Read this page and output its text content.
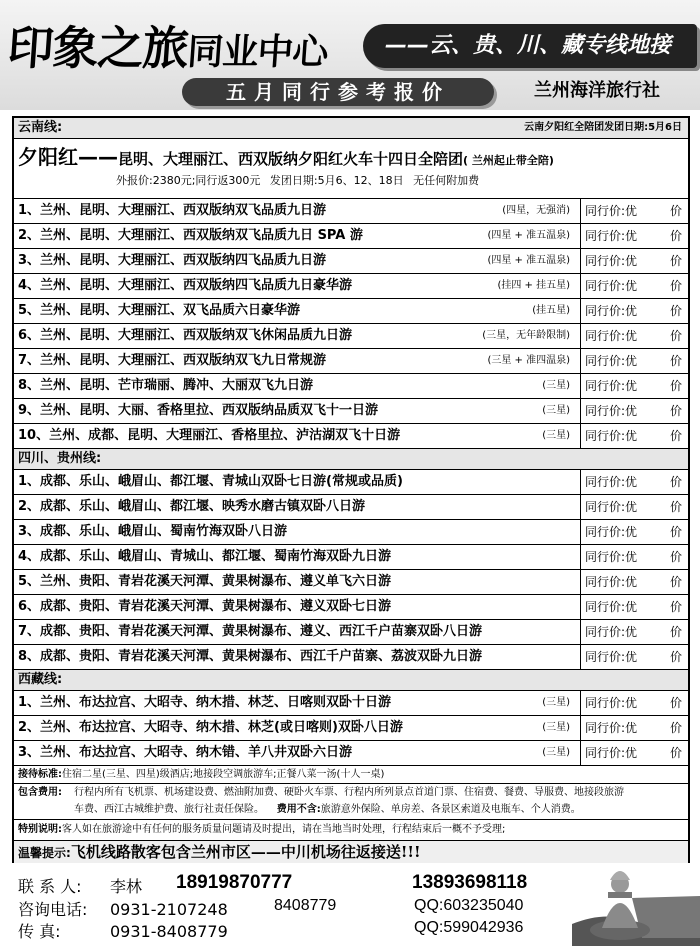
印象之旅同业中心	——云、贵、川、藏专线地接
五月同行参考报价	兰州海洋旅行社
云南线:	云南夕阳红全陪团发团日期:5月6日
夕阳红——昆明、大理丽江、西双版纳夕阳红火车十四日全陪团( 兰州起止带全陪)
外报价:2380元;同行返300元 发团日期:5月6、12、18日 无任何附加费
1、兰州、昆明、大理丽江、西双版纳双飞品质九日游	(四星，无强消)	同行价:优	价
2、兰州、昆明、大理丽江、西双版纳双飞品质九日 SPA 游	(四星 + 准五温泉)	同行价:优	价
3、兰州、昆明、大理丽江、西双版纳四飞品质九日游	(四星 + 准五温泉)	同行价:优	价
4、兰州、昆明、大理丽江、西双版纳四飞品质九日豪华游	(挂四 + 挂五星)	同行价:优	价
5、兰州、昆明、大理丽江、双飞品质六日豪华游	(挂五星)	同行价:优	价
6、兰州、昆明、大理丽江、西双版纳双飞休闲品质九日游	(三星，无年龄限制)	同行价:优	价
7、兰州、昆明、大理丽江、西双版纳双飞九日常规游	(三星 + 准四温泉)	同行价:优	价
8、兰州、昆明、芒市瑞丽、腾冲、大丽双飞九日游	(三星)	同行价:优	价
9、兰州、昆明、大丽、香格里拉、西双版纳品质双飞十一日游	(三星)	同行价:优	价
10、兰州、成都、昆明、大理丽江、香格里拉、泸沽湖双飞十日游	(三星)	同行价:优	价
四川、贵州线:
1、成都、乐山、峨眉山、都江堰、青城山双卧七日游(常规或品质)	同行价:优	价
2、成都、乐山、峨眉山、都江堰、映秀水磨古镇双卧八日游	同行价:优	价
3、成都、乐山、峨眉山、蜀南竹海双卧八日游	同行价:优	价
4、成都、乐山、峨眉山、青城山、都江堰、蜀南竹海双卧九日游	同行价:优	价
5、兰州、贵阳、青岩花溪天河潭、黄果树瀑布、遵义单飞六日游	同行价:优	价
6、成都、贵阳、青岩花溪天河潭、黄果树瀑布、遵义双卧七日游	同行价:优	价
7、成都、贵阳、青岩花溪天河潭、黄果树瀑布、遵义、西江千户苗寨双卧八日游	同行价:优	价
8、成都、贵阳、青岩花溪天河潭、黄果树瀑布、西江千户苗寨、荔波双卧九日游	同行价:优	价
西藏线:
1、兰州、布达拉宫、大昭寺、纳木措、林芝、日喀则双卧十日游	(三星)	同行价:优	价
2、兰州、布达拉宫、大昭寺、纳木措、林芝(或日喀则)双卧八日游	(三星)	同行价:优	价
3、兰州、布达拉宫、大昭寺、纳木错、羊八井双卧六日游	(三星)	同行价:优	价
接待标准:住宿二星(三星、四星)级酒店;地接段空调旅游车;正餐八菜一汤(十人一桌)
包含费用:	行程内所有飞机票、机场建设费、燃油附加费、硬卧火车票、行程内所列景点首道门票、住宿费、餐费、导服费、地接段旅游
车费、西江古城维护费、旅行社责任保险。 费用不含:旅游意外保险、单房差、各景区索道及电瓶车、个人消费。
特别说明:客人如在旅游途中有任何的服务质量问题请及时提出，请在当地当时处理，行程结束后一概不予受理;
温馨提示:飞机线路散客包含兰州市区——中川机场往返接送!!!
联 系 人: 李林 18919870777	13893698118
咨询电话: 0931-2107248	8408779	QQ:603235040
传 真:	0931-8408779	QQ:599042936
